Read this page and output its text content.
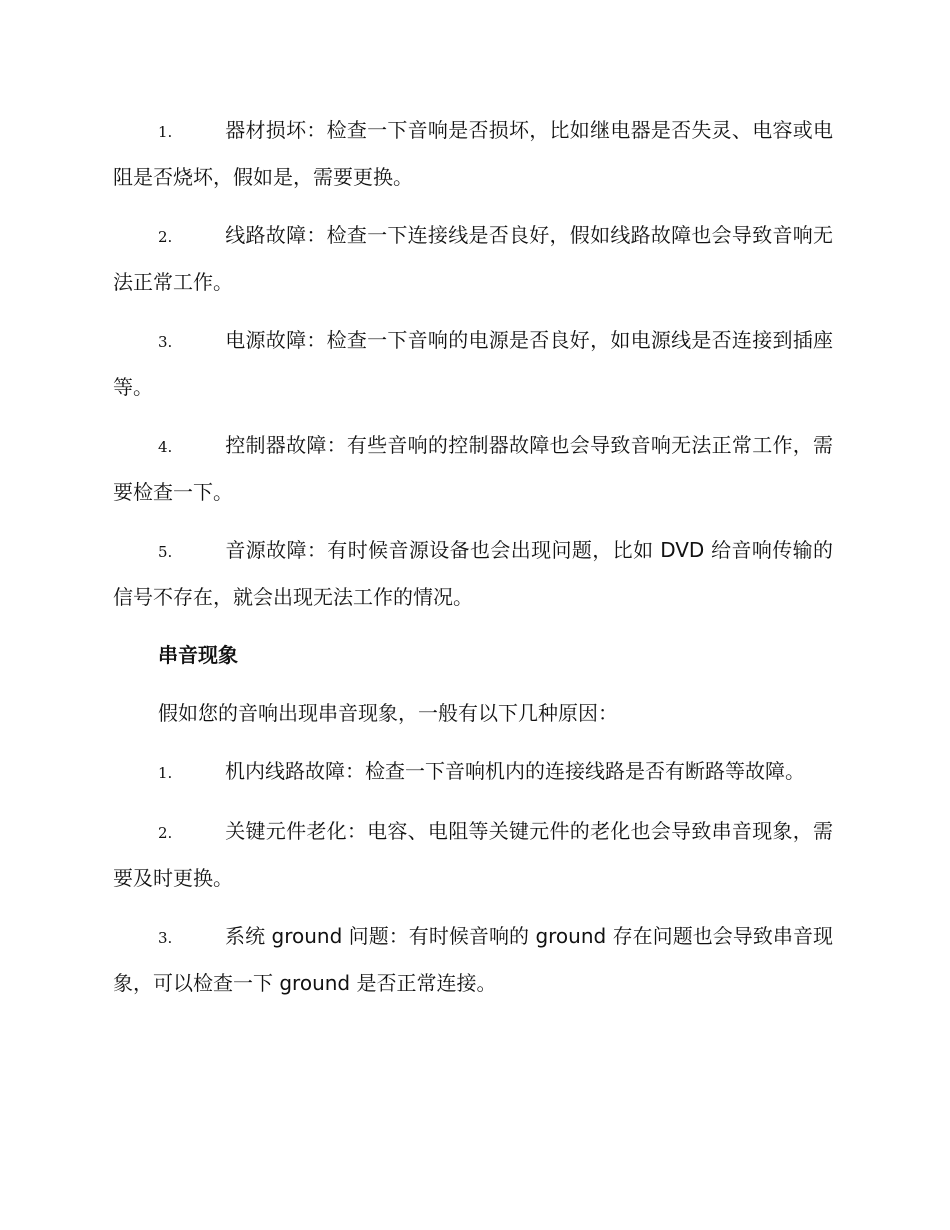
1.	器材损坏：检查一下音响是否损坏，比如继电器是否失灵、电容或电阻是否烧坏，假如是，需要更换。
2.	线路故障：检查一下连接线是否良好，假如线路故障也会导致音响无法正常工作。
3.	电源故障：检查一下音响的电源是否良好，如电源线是否连接到插座等。
4.	控制器故障：有些音响的控制器故障也会导致音响无法正常工作，需要检查一下。
5.	音源故障：有时候音源设备也会出现问题，比如 DVD 给音响传输的信号不存在，就会出现无法工作的情况。
串音现象
假如您的音响出现串音现象，一般有以下几种原因：
1.	机内线路故障：检查一下音响机内的连接线路是否有断路等故障。
2.	关键元件老化：电容、电阻等关键元件的老化也会导致串音现象，需要及时更换。
3.	系统 ground 问题：有时候音响的 ground 存在问题也会导致串音现象，可以检查一下 ground 是否正常连接。
